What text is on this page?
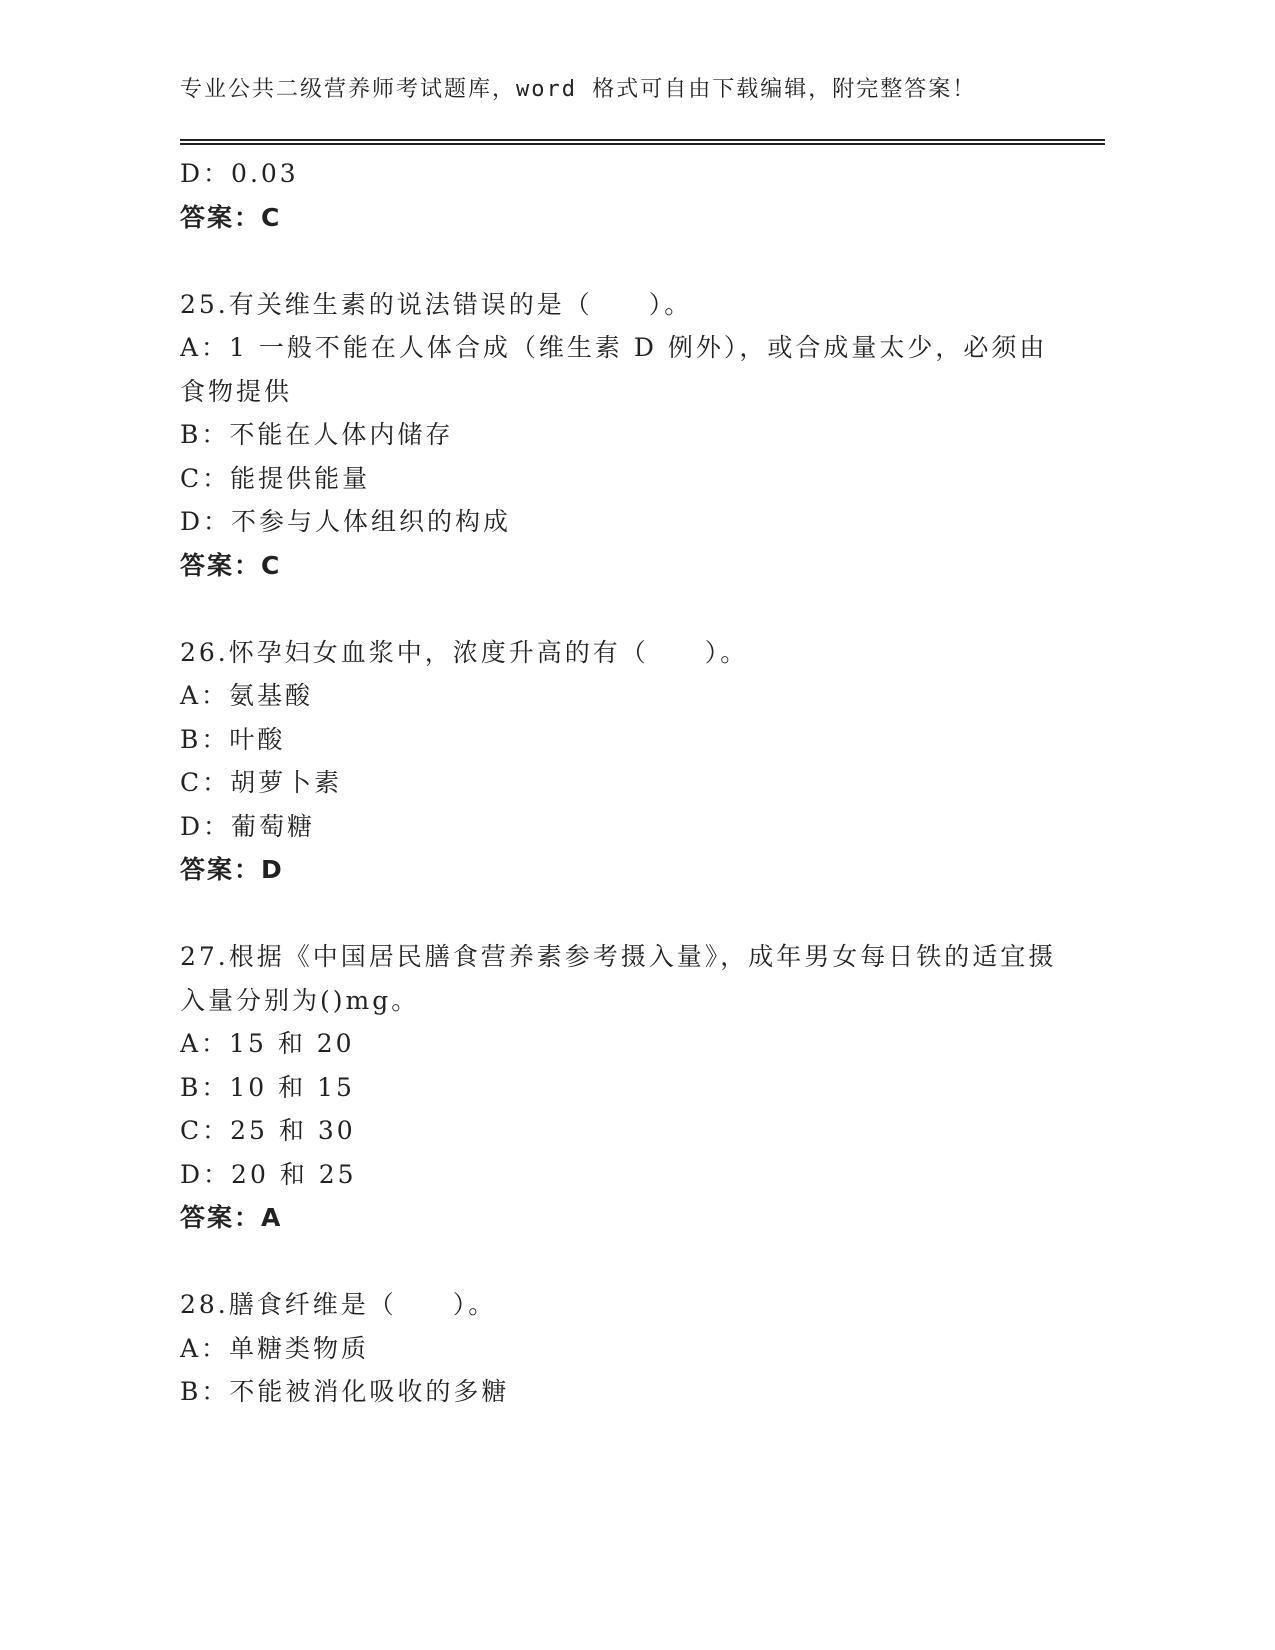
专业公共二级营养师考试题库，word 格式可自由下载编辑，附完整答案！

D：0.03

答案：C

25.有关维生素的说法错误的是（　　）。

A：1 一般不能在人体合成（维生素 D 例外），或合成量太少，必须由食物提供

B：不能在人体内储存

C：能提供能量

D：不参与人体组织的构成

答案：C

26.怀孕妇女血浆中，浓度升高的有（　　）。

A：氨基酸

B：叶酸

C：胡萝卜素

D：葡萄糖

答案：D

27.根据《中国居民膳食营养素参考摄入量》，成年男女每日铁的适宜摄入量分别为()mg。

A：15 和 20

B：10 和 15

C：25 和 30

D：20 和 25

答案：A

28.膳食纤维是（　　）。

A：单糖类物质

B：不能被消化吸收的多糖
